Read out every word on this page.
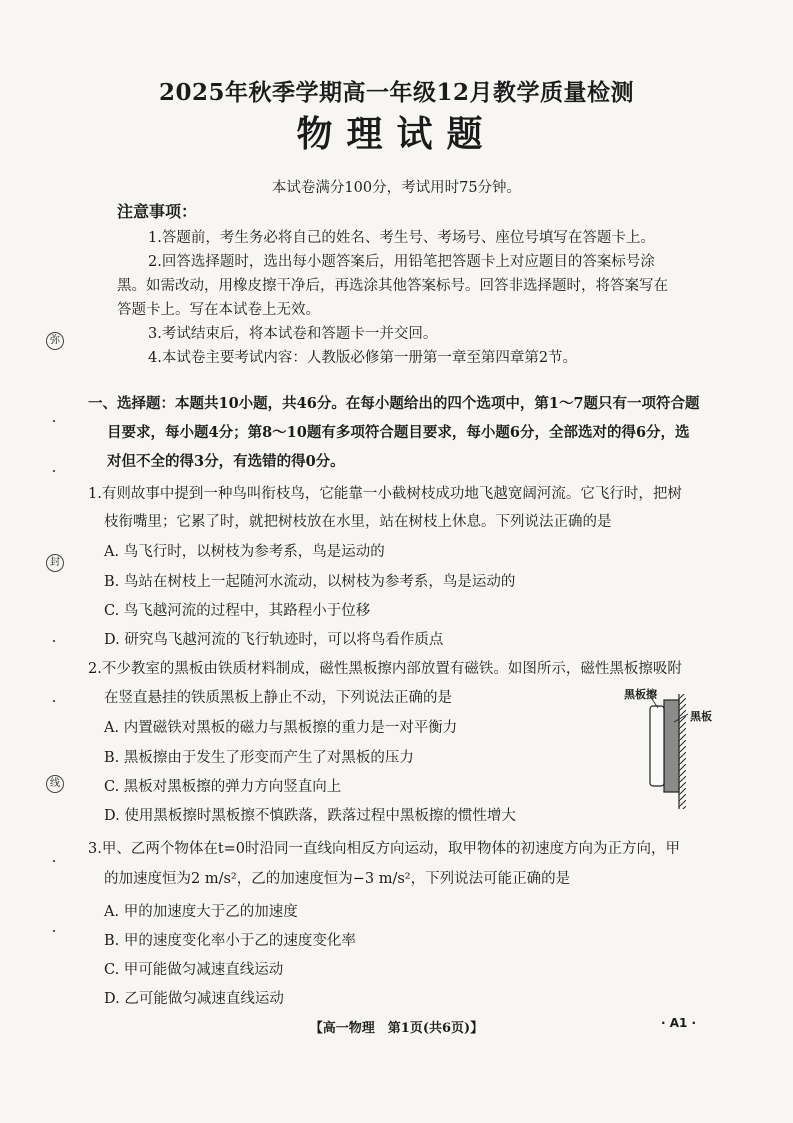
2025年秋季学期高一年级12月教学质量检测
物理试题
本试卷满分100分，考试用时75分钟。
注意事项：
1.答题前，考生务必将自己的姓名、考生号、考场号、座位号填写在答题卡上。
2.回答选择题时，选出每小题答案后，用铅笔把答题卡上对应题目的答案标号涂
黑。如需改动，用橡皮擦干净后，再选涂其他答案标号。回答非选择题时，将答案写在
答题卡上。写在本试卷上无效。
3.考试结束后，将本试卷和答题卡一并交回。
4.本试卷主要考试内容：人教版必修第一册第一章至第四章第2节。
弥
封
线
一、选择题：本题共10小题，共46分。在每小题给出的四个选项中，第1～7题只有一项符合题
目要求，每小题4分；第8～10题有多项符合题目要求，每小题6分，全部选对的得6分，选
对但不全的得3分，有选错的得0分。
1.有则故事中提到一种鸟叫衔枝鸟，它能靠一小截树枝成功地飞越宽阔河流。它飞行时，把树
枝衔嘴里；它累了时，就把树枝放在水里，站在树枝上休息。下列说法正确的是
A. 鸟飞行时，以树枝为参考系，鸟是运动的
B. 鸟站在树枝上一起随河水流动，以树枝为参考系，鸟是运动的
C. 鸟飞越河流的过程中，其路程小于位移
D. 研究鸟飞越河流的飞行轨迹时，可以将鸟看作质点
2.不少教室的黑板由铁质材料制成，磁性黑板擦内部放置有磁铁。如图所示，磁性黑板擦吸附
在竖直悬挂的铁质黑板上静止不动，下列说法正确的是
A. 内置磁铁对黑板的磁力与黑板擦的重力是一对平衡力
B. 黑板擦由于发生了形变而产生了对黑板的压力
C. 黑板对黑板擦的弹力方向竖直向上
D. 使用黑板擦时黑板擦不慎跌落，跌落过程中黑板擦的惯性增大
黑板擦
黑板
3.甲、乙两个物体在t=0时沿同一直线向相反方向运动，取甲物体的初速度方向为正方向，甲
的加速度恒为2 m/s²，乙的加速度恒为−3 m/s²，下列说法可能正确的是
A. 甲的加速度大于乙的加速度
B. 甲的速度变化率小于乙的速度变化率
C. 甲可能做匀减速直线运动
D. 乙可能做匀减速直线运动
【高一物理　第1页(共6页)】	· A1 ·
